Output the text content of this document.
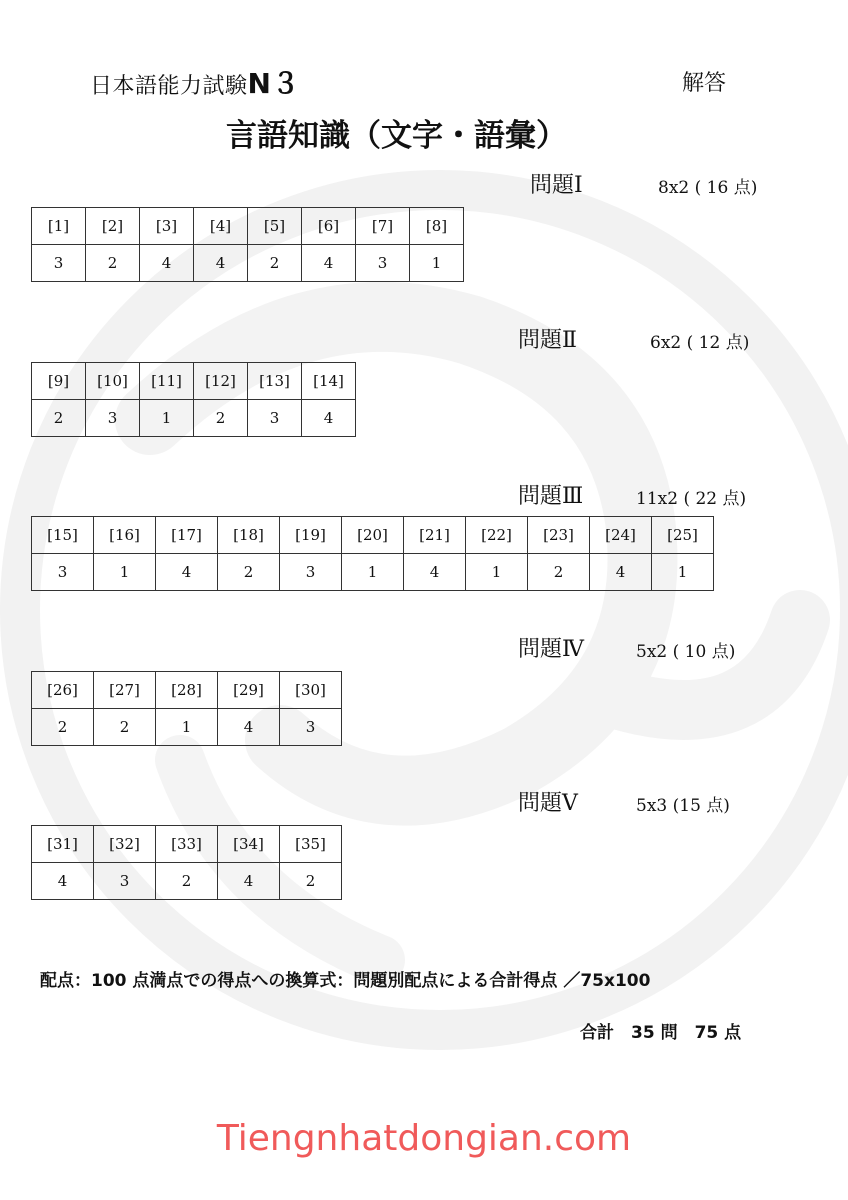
日本語能力試験N３	解答
言語知識（文字・語彙）
問題Ⅰ	8x2 ( 16 点)
[1]	[2]	[3]	[4]	[5]	[6]	[7]	[8]
3	2	4	4	2	4	3	1
問題Ⅱ	6x2 ( 12 点)
[9]	[10]	[11]	[12]	[13]	[14]
2	3	1	2	3	4
問題Ⅲ	11x2 ( 22 点)
[15]	[16]	[17]	[18]	[19]	[20]	[21]	[22]	[23]	[24]	[25]
3	1	4	2	3	1	4	1	2	4	1
問題Ⅳ	5x2 ( 10 点)
[26]	[27]	[28]	[29]	[30]
2	2	1	4	3
問題Ⅴ	5x3 (15 点)
[31]	[32]	[33]	[34]	[35]
4	3	2	4	2
配点：100 点満点での得点への換算式：問題別配点による合計得点 ／75x100
合計　35 問　75 点
Tiengnhatdongian.com
